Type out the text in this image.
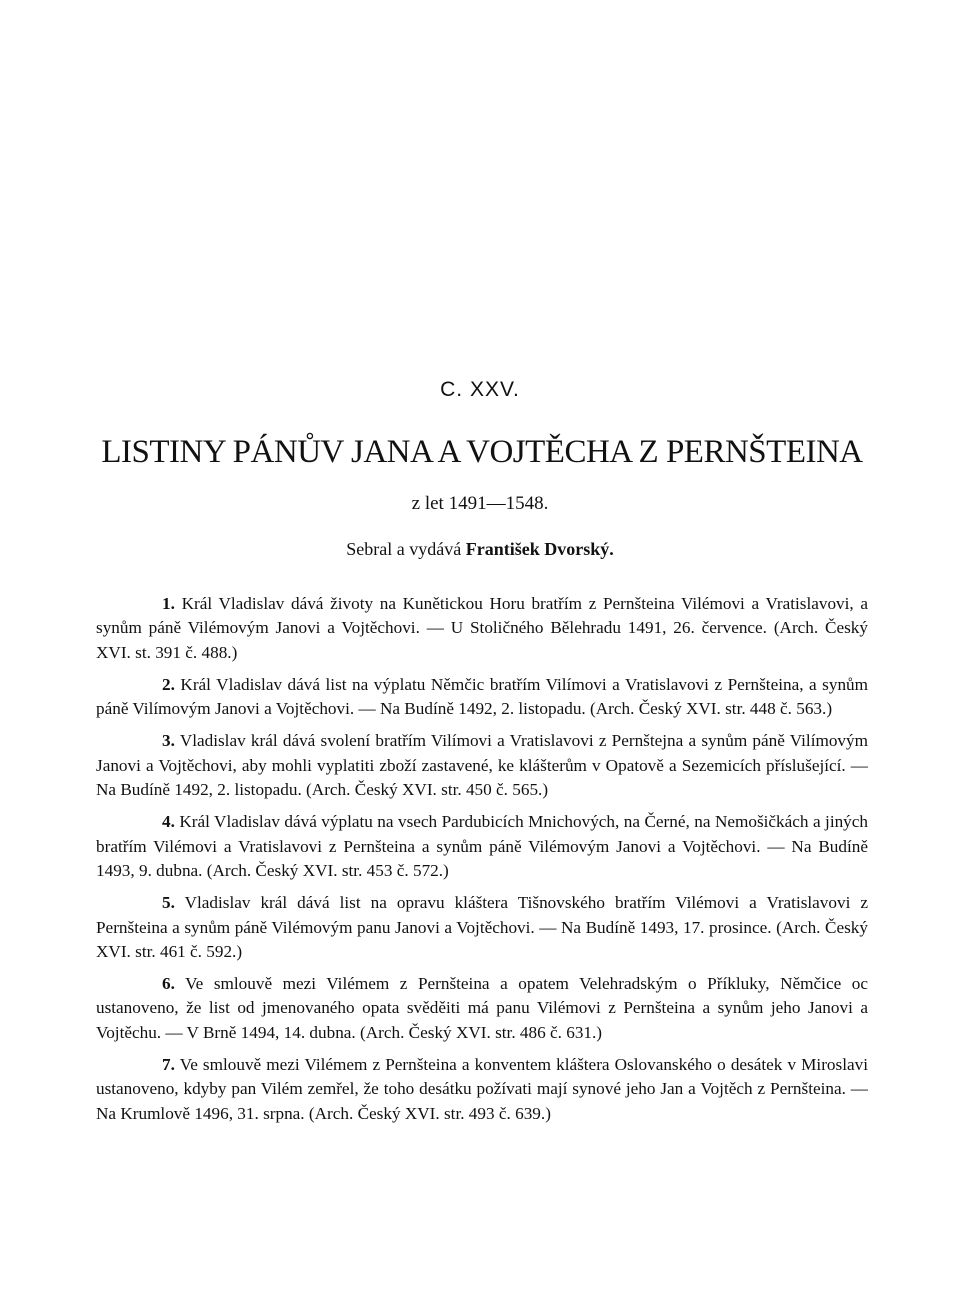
C. XXV.
LISTINY PÁNŮV JANA A VOJTĚCHA Z PERNŠTEINA
z let 1491—1548.
Sebral a vydává František Dvorský.

1. Král Vladislav dává životy na Kunětickou Horu bratřím z Pernšteina Vilémovi a Vratislavovi, a synům páně Vilémovým Janovi a Vojtěchovi. — U Stoličného Bělehradu 1491, 26. července. (Arch. Český XVI. st. 391 č. 488.)

2. Král Vladislav dává list na výplatu Němčic bratřím Vilímovi a Vratislavovi z Pernšteina, a synům páně Vilímovým Janovi a Vojtěchovi. — Na Budíně 1492, 2. listopadu. (Arch. Český XVI. str. 448 č. 563.)

3. Vladislav král dává svolení bratřím Vilímovi a Vratislavovi z Pernštejna a synům páně Vilímovým Janovi a Vojtěchovi, aby mohli vyplatiti zboží zastavené, ke klášterům v Opatově a Sezemicích příslušející. — Na Budíně 1492, 2. listopadu. (Arch. Český XVI. str. 450 č. 565.)

4. Král Vladislav dává výplatu na vsech Pardubicích Mnichových, na Černé, na Nemošičkách a jiných bratřím Vilémovi a Vratislavovi z Pernšteina a synům páně Vilémovým Janovi a Vojtěchovi. — Na Budíně 1493, 9. dubna. (Arch. Český XVI. str. 453 č. 572.)

5. Vladislav král dává list na opravu kláštera Tišnovského bratřím Vilémovi a Vratislavovi z Pernšteina a synům páně Vilémovým panu Janovi a Vojtěchovi. — Na Budíně 1493, 17. prosince. (Arch. Český XVI. str. 461 č. 592.)

6. Ve smlouvě mezi Vilémem z Pernšteina a opatem Velehradským o Příkluky, Němčice oc ustanoveno, že list od jmenovaného opata svěděiti má panu Vilémovi z Pernšteina a synům jeho Janovi a Vojtěchu. — V Brně 1494, 14. dubna. (Arch. Český XVI. str. 486 č. 631.)

7. Ve smlouvě mezi Vilémem z Pernšteina a konventem kláštera Oslovanského o desátek v Miroslavi ustanoveno, kdyby pan Vilém zemřel, že toho desátku požívati mají synové jeho Jan a Vojtěch z Pernšteina. — Na Krumlově 1496, 31. srpna. (Arch. Český XVI. str. 493 č. 639.)
